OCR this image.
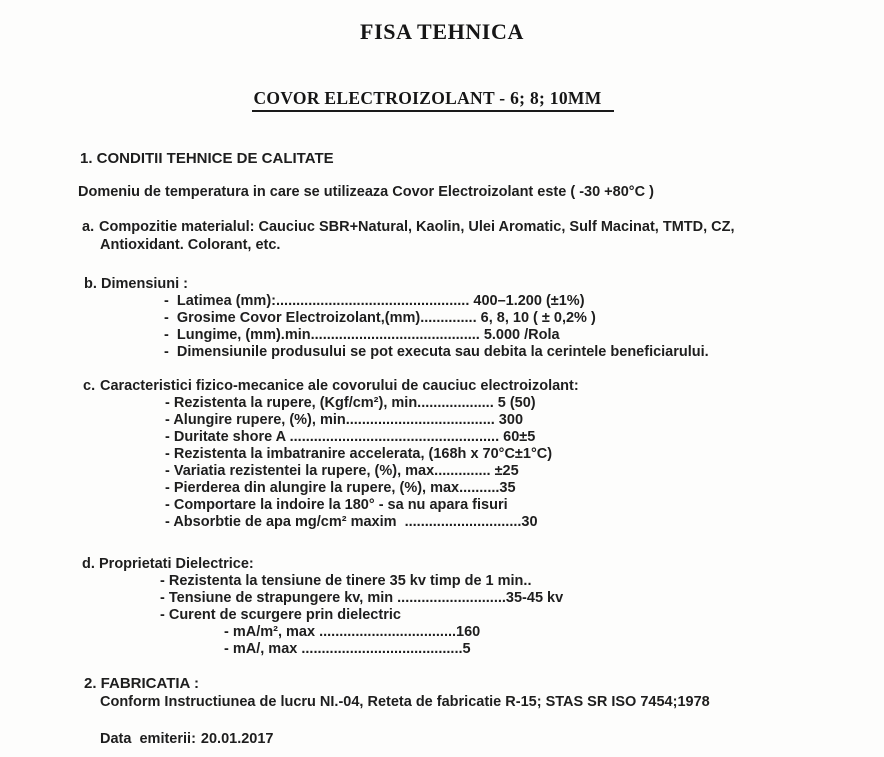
FISA TEHNICA
COVOR ELECTROIZOLANT - 6; 8; 10MM
1. CONDITII TEHNICE DE CALITATE
Domeniu de temperatura in care se utilizeaza Covor Electroizolant este ( -30 +80°C )
a. Compozitie materialul: Cauciuc SBR+Natural, Kaolin, Ulei Aromatic, Sulf Macinat, TMTD, CZ,
Antioxidant. Colorant, etc.
b. Dimensiuni :
-  Latimea (mm):................................................ 400–1.200 (±1%)
-  Grosime Covor Electroizolant,(mm).............. 6, 8, 10 ( ± 0,2% )
-  Lungime, (mm).min.......................................... 5.000 /Rola
-  Dimensiunile produsului se pot executa sau debita la cerintele beneficiarului.
c. Caracteristici fizico-mecanice ale covorului de cauciuc electroizolant:
- Rezistenta la rupere, (Kgf/cm²), min................... 5 (50)
- Alungire rupere, (%), min..................................... 300
- Duritate shore A .................................................... 60±5
- Rezistenta la imbatranire accelerata, (168h x 70°C±1°C)
- Variatia rezistentei la rupere, (%), max.............. ±25
- Pierderea din alungire la rupere, (%), max..........35
- Comportare la indoire la 180° - sa nu apara fisuri
- Absorbtie de apa mg/cm² maxim  .............................30
d. Proprietati Dielectrice:
- Rezistenta la tensiune de tinere 35 kv timp de 1 min..
- Tensiune de strapungere kv, min ...........................35-45 kv
- Curent de scurgere prin dielectric
- mA/m², max ..................................160
- mA/, max ........................................5
2. FABRICATIA :
Conform Instructiunea de lucru NI.-04, Reteta de fabricatie R-15; STAS SR ISO 7454;1978
Data  emiterii: 20.01.2017
